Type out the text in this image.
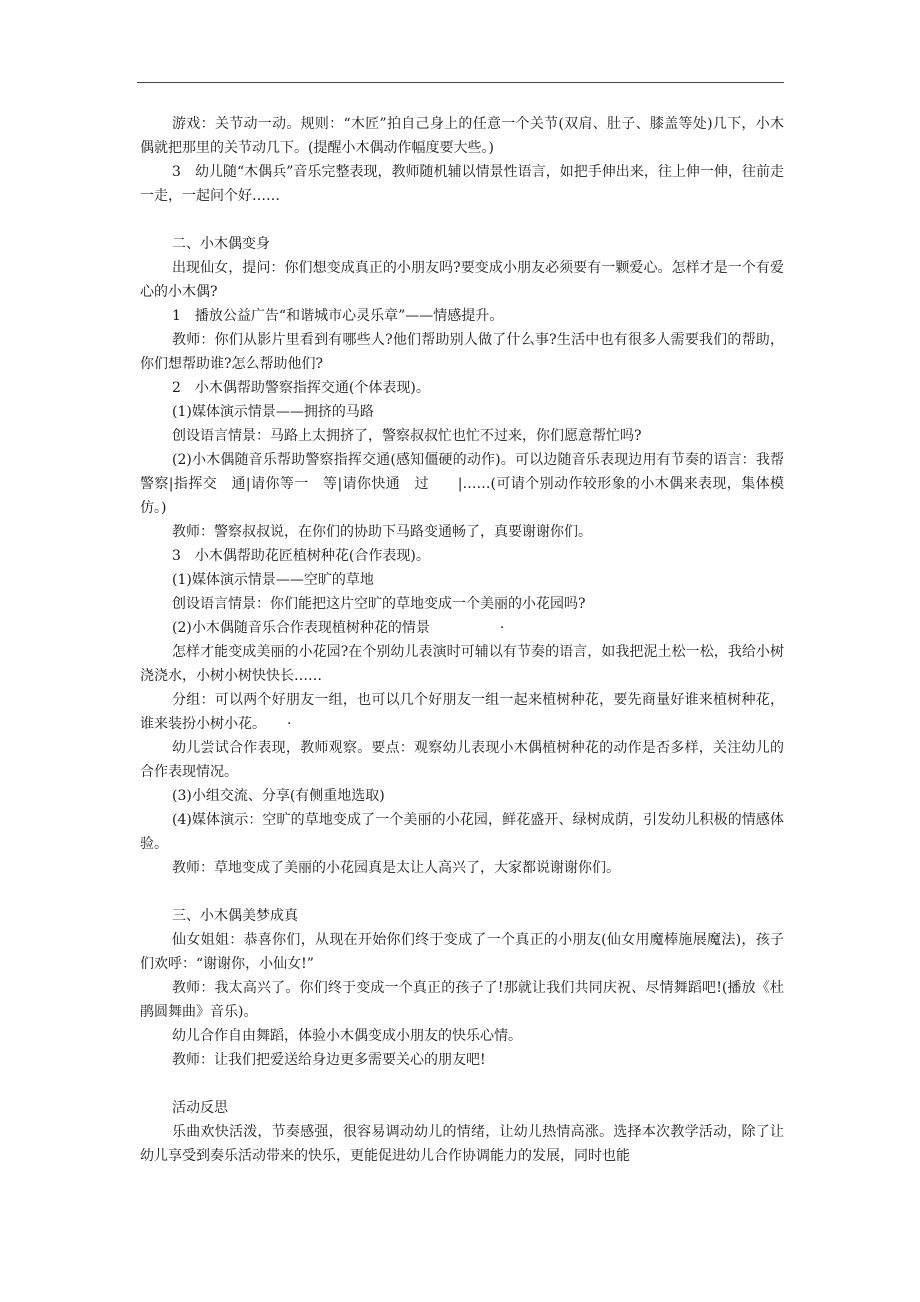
游戏：关节动一动。规则：“木匠”拍自己身上的任意一个关节(双肩、肚子、膝盖等处)几下，小木偶就把那里的关节动几下。(提醒小木偶动作幅度要大些。)

3　幼儿随“木偶兵”音乐完整表现，教师随机辅以情景性语言，如把手伸出来，往上伸一伸，往前走一走，一起问个好……

二、小木偶变身

出现仙女，提问：你们想变成真正的小朋友吗?要变成小朋友必须要有一颗爱心。怎样才是一个有爱心的小木偶?

1　播放公益广告“和谐城市心灵乐章”——情感提升。

教师：你们从影片里看到有哪些人?他们帮助别人做了什么事?生活中也有很多人需要我们的帮助，你们想帮助谁?怎么帮助他们?

2　小木偶帮助警察指挥交通(个体表现)。

(1)媒体演示情景——拥挤的马路

创设语言情景：马路上太拥挤了，警察叔叔忙也忙不过来，你们愿意帮忙吗?

(2)小木偶随音乐帮助警察指挥交通(感知僵硬的动作)。可以边随音乐表现边用有节奏的语言：我帮　警察|指挥交　通|请你等一　等|请你快通　过　　|……(可请个别动作较形象的小木偶来表现，集体模仿。)

教师：警察叔叔说，在你们的协助下马路变通畅了，真要谢谢你们。

3　小木偶帮助花匠植树种花(合作表现)。

(1)媒体演示情景——空旷的草地

创设语言情景：你们能把这片空旷的草地变成一个美丽的小花园吗?

(2)小木偶随音乐合作表现植树种花的情景　　　　　·

怎样才能变成美丽的小花园?在个别幼儿表演时可辅以有节奏的语言，如我把泥土松一松，我给小树浇浇水，小树小树快快长……

分组：可以两个好朋友一组，也可以几个好朋友一组一起来植树种花，要先商量好谁来植树种花，谁来装扮小树小花。　　·

幼儿尝试合作表现，教师观察。要点：观察幼儿表现小木偶植树种花的动作是否多样，关注幼儿的合作表现情况。

(3)小组交流、分享(有侧重地选取)

(4)媒体演示：空旷的草地变成了一个美丽的小花园，鲜花盛开、绿树成荫，引发幼儿积极的情感体验。

教师：草地变成了美丽的小花园真是太让人高兴了，大家都说谢谢你们。

三、小木偶美梦成真

仙女姐姐：恭喜你们，从现在开始你们终于变成了一个真正的小朋友(仙女用魔棒施展魔法)，孩子们欢呼：“谢谢你，小仙女!”

教师：我太高兴了。你们终于变成一个真正的孩子了!那就让我们共同庆祝、尽情舞蹈吧!(播放《杜鹃圆舞曲》音乐)。

幼儿合作自由舞蹈，体验小木偶变成小朋友的快乐心情。

教师：让我们把爱送给身边更多需要关心的朋友吧!

活动反思

乐曲欢快活泼，节奏感强，很容易调动幼儿的情绪，让幼儿热情高涨。选择本次教学活动，除了让幼儿享受到奏乐活动带来的快乐，更能促进幼儿合作协调能力的发展，同时也能
